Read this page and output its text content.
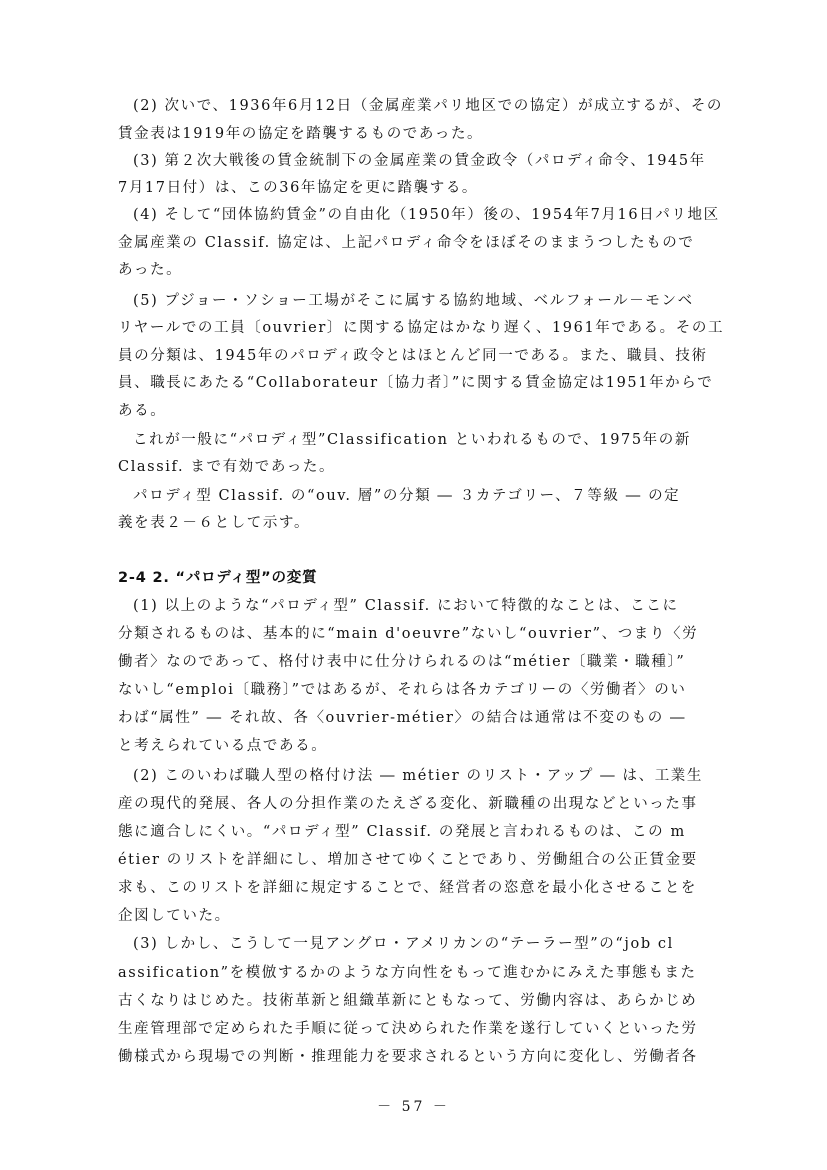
(2) 次いで、1936年6月12日（金属産業パリ地区での協定）が成立するが、その
賃金表は1919年の協定を踏襲するものであった。
(3) 第２次大戦後の賃金統制下の金属産業の賃金政令（パロディ命令、1945年
7月17日付）は、この36年協定を更に踏襲する。
(4) そして“団体協約賃金”の自由化（1950年）後の、1954年7月16日パリ地区
金属産業の Classif. 協定は、上記パロディ命令をほぼそのままうつしたもので
あった。
(5) プジョー・ソショー工場がそこに属する協約地域、ベルフォール－モンベ
リヤールでの工員〔ouvrier〕に関する協定はかなり遅く、1961年である。その工
員の分類は、1945年のパロディ政令とはほとんど同一である。また、職員、技術
員、職長にあたる“Collaborateur〔協力者〕”に関する賃金協定は1951年からで
ある。
これが一般に“パロディ型”Classification といわれるもので、1975年の新
Classif. まで有効であった。
パロディ型 Classif. の“ouv. 層”の分類 ― ３カテゴリー、７等級 ― の定
義を表２－６として示す。
2-4 2. “パロディ型”の変質
(1) 以上のような“パロディ型” Classif. において特徴的なことは、ここに
分類されるものは、基本的に“main d'oeuvre”ないし“ouvrier”、つまり〈労
働者〉なのであって、格付け表中に仕分けられるのは“métier〔職業・職種〕”
ないし“emploi〔職務〕”ではあるが、それらは各カテゴリーの〈労働者〉のい
わば“属性” ― それ故、各〈ouvrier-métier〉の結合は通常は不変のもの ―
と考えられている点である。
(2) このいわば職人型の格付け法 ― métier のリスト・アップ ― は、工業生
産の現代的発展、各人の分担作業のたえざる変化、新職種の出現などといった事
態に適合しにくい。“パロディ型” Classif. の発展と言われるものは、この m
étier のリストを詳細にし、増加させてゆくことであり、労働組合の公正賃金要
求も、このリストを詳細に規定することで、経営者の恣意を最小化させることを
企図していた。
(3) しかし、こうして一見アングロ・アメリカンの“テーラー型”の“job cl
assification”を模倣するかのような方向性をもって進むかにみえた事態もまた
古くなりはじめた。技術革新と組織革新にともなって、労働内容は、あらかじめ
生産管理部で定められた手順に従って決められた作業を遂行していくといった労
働様式から現場での判断・推理能力を要求されるという方向に変化し、労働者各
－ 57 －
